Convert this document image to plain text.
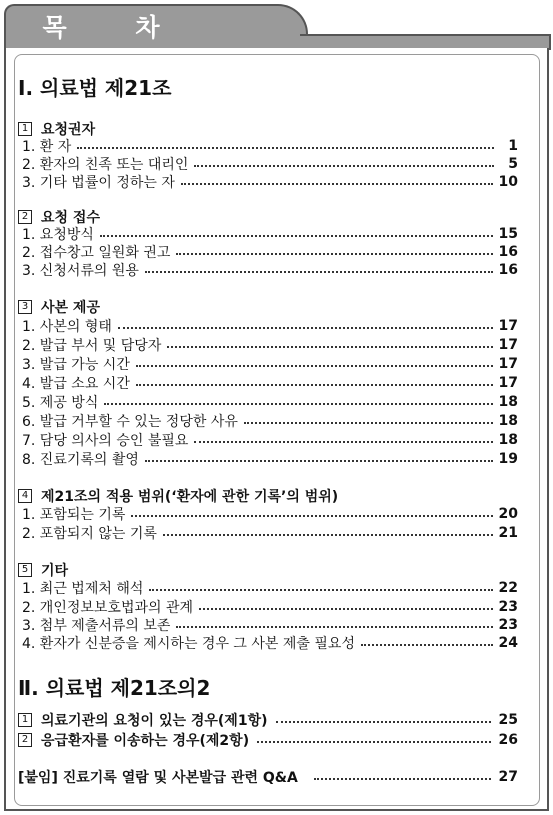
목 차
Ⅰ. 의료법 제21조
1 요청권자
1. 환 자	1
2. 환자의 친족 또는 대리인	5
3. 기타 법률이 정하는 자	10
2 요청 접수
1. 요청방식	15
2. 접수창고 일원화 권고	16
3. 신청서류의 원용	16
3 사본 제공
1. 사본의 형태	17
2. 발급 부서 및 담당자	17
3. 발급 가능 시간	17
4. 발급 소요 시간	17
5. 제공 방식	18
6. 발급 거부할 수 있는 정당한 사유	18
7. 담당 의사의 승인 불필요	18
8. 진료기록의 촬영	19
4 제21조의 적용 범위(‘환자에 관한 기록’의 범위)
1. 포함되는 기록	20
2. 포함되지 않는 기록	21
5 기타
1. 최근 법제처 해석	22
2. 개인정보보호법과의 관계	23
3. 첨부 제출서류의 보존	23
4. 환자가 신분증을 제시하는 경우 그 사본 제출 필요성	24
Ⅱ. 의료법 제21조의2
1 의료기관의 요청이 있는 경우(제1항)	25
2 응급환자를 이송하는 경우(제2항)	26
[붙임] 진료기록 열람 및 사본발급 관련 Q&A	27
